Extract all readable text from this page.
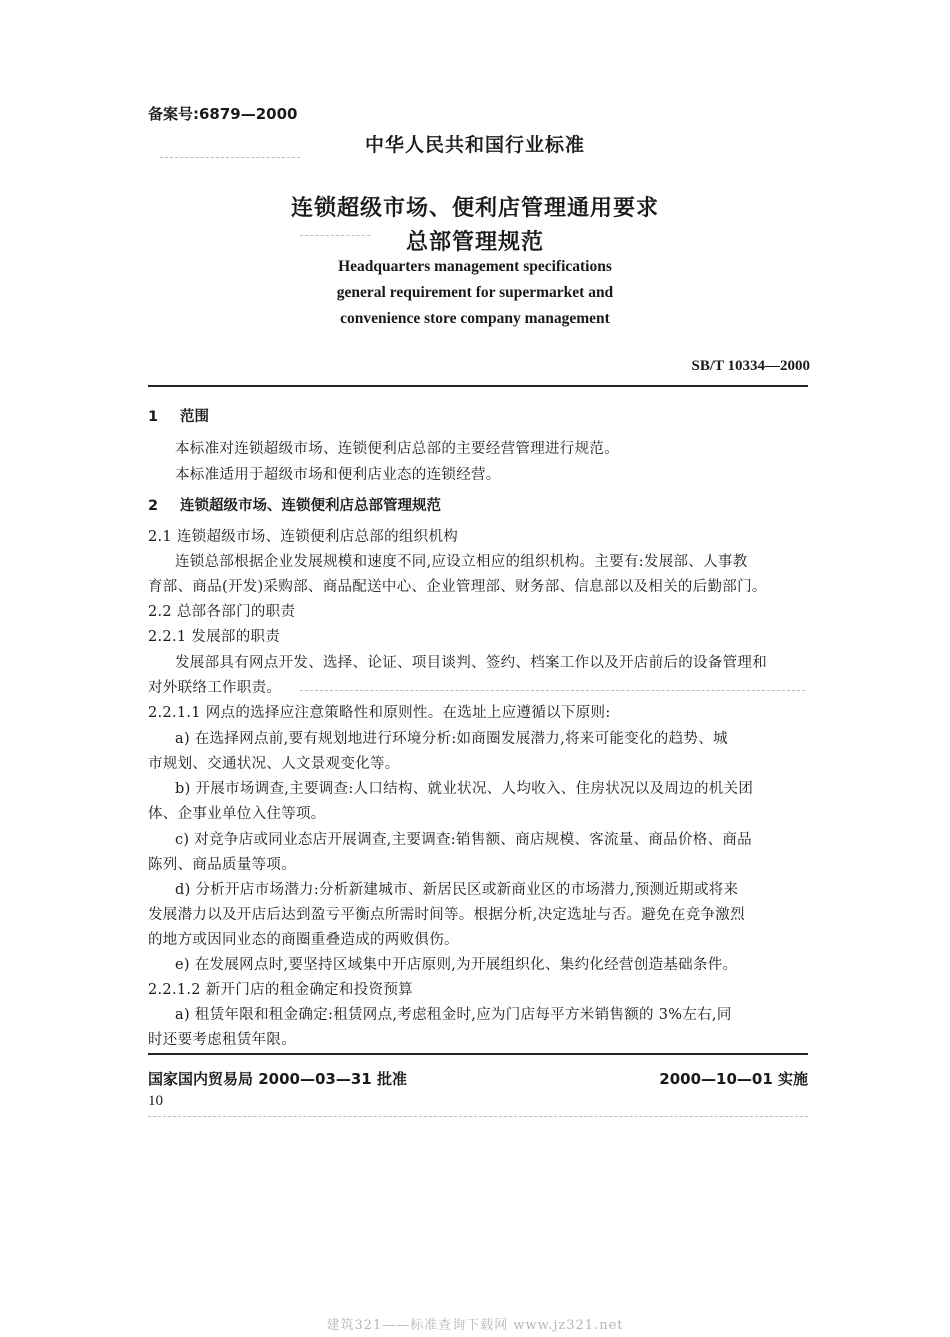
备案号:6879—2000
中华人民共和国行业标准
连锁超级市场、便利店管理通用要求
总部管理规范
Headquarters management specifications
general requirement for supermarket and
convenience store company management
SB/T 10334—2000
1 范围
本标准对连锁超级市场、连锁便利店总部的主要经营管理进行规范。
本标准适用于超级市场和便利店业态的连锁经营。
2 连锁超级市场、连锁便利店总部管理规范
2.1 连锁超级市场、连锁便利店总部的组织机构
连锁总部根据企业发展规模和速度不同,应设立相应的组织机构。主要有:发展部、人事教
育部、商品(开发)采购部、商品配送中心、企业管理部、财务部、信息部以及相关的后勤部门。
2.2 总部各部门的职责
2.2.1 发展部的职责
发展部具有网点开发、选择、论证、项目谈判、签约、档案工作以及开店前后的设备管理和
对外联络工作职责。
2.2.1.1 网点的选择应注意策略性和原则性。在选址上应遵循以下原则:
a) 在选择网点前,要有规划地进行环境分析:如商圈发展潜力,将来可能变化的趋势、城
市规划、交通状况、人文景观变化等。
b) 开展市场调查,主要调查:人口结构、就业状况、人均收入、住房状况以及周边的机关团
体、企事业单位入住等项。
c) 对竞争店或同业态店开展调查,主要调查:销售额、商店规模、客流量、商品价格、商品
陈列、商品质量等项。
d) 分析开店市场潜力:分析新建城市、新居民区或新商业区的市场潜力,预测近期或将来
发展潜力以及开店后达到盈亏平衡点所需时间等。根据分析,决定选址与否。避免在竞争激烈
的地方或因同业态的商圈重叠造成的两败俱伤。
e) 在发展网点时,要坚持区域集中开店原则,为开展组织化、集约化经营创造基础条件。
2.2.1.2 新开门店的租金确定和投资预算
a) 租赁年限和租金确定:租赁网点,考虑租金时,应为门店每平方米销售额的 3%左右,同
时还要考虑租赁年限。
国家国内贸易局 2000—03—31 批准	2000—10—01 实施
10
建筑321——标准查询下载网 www.jz321.net
